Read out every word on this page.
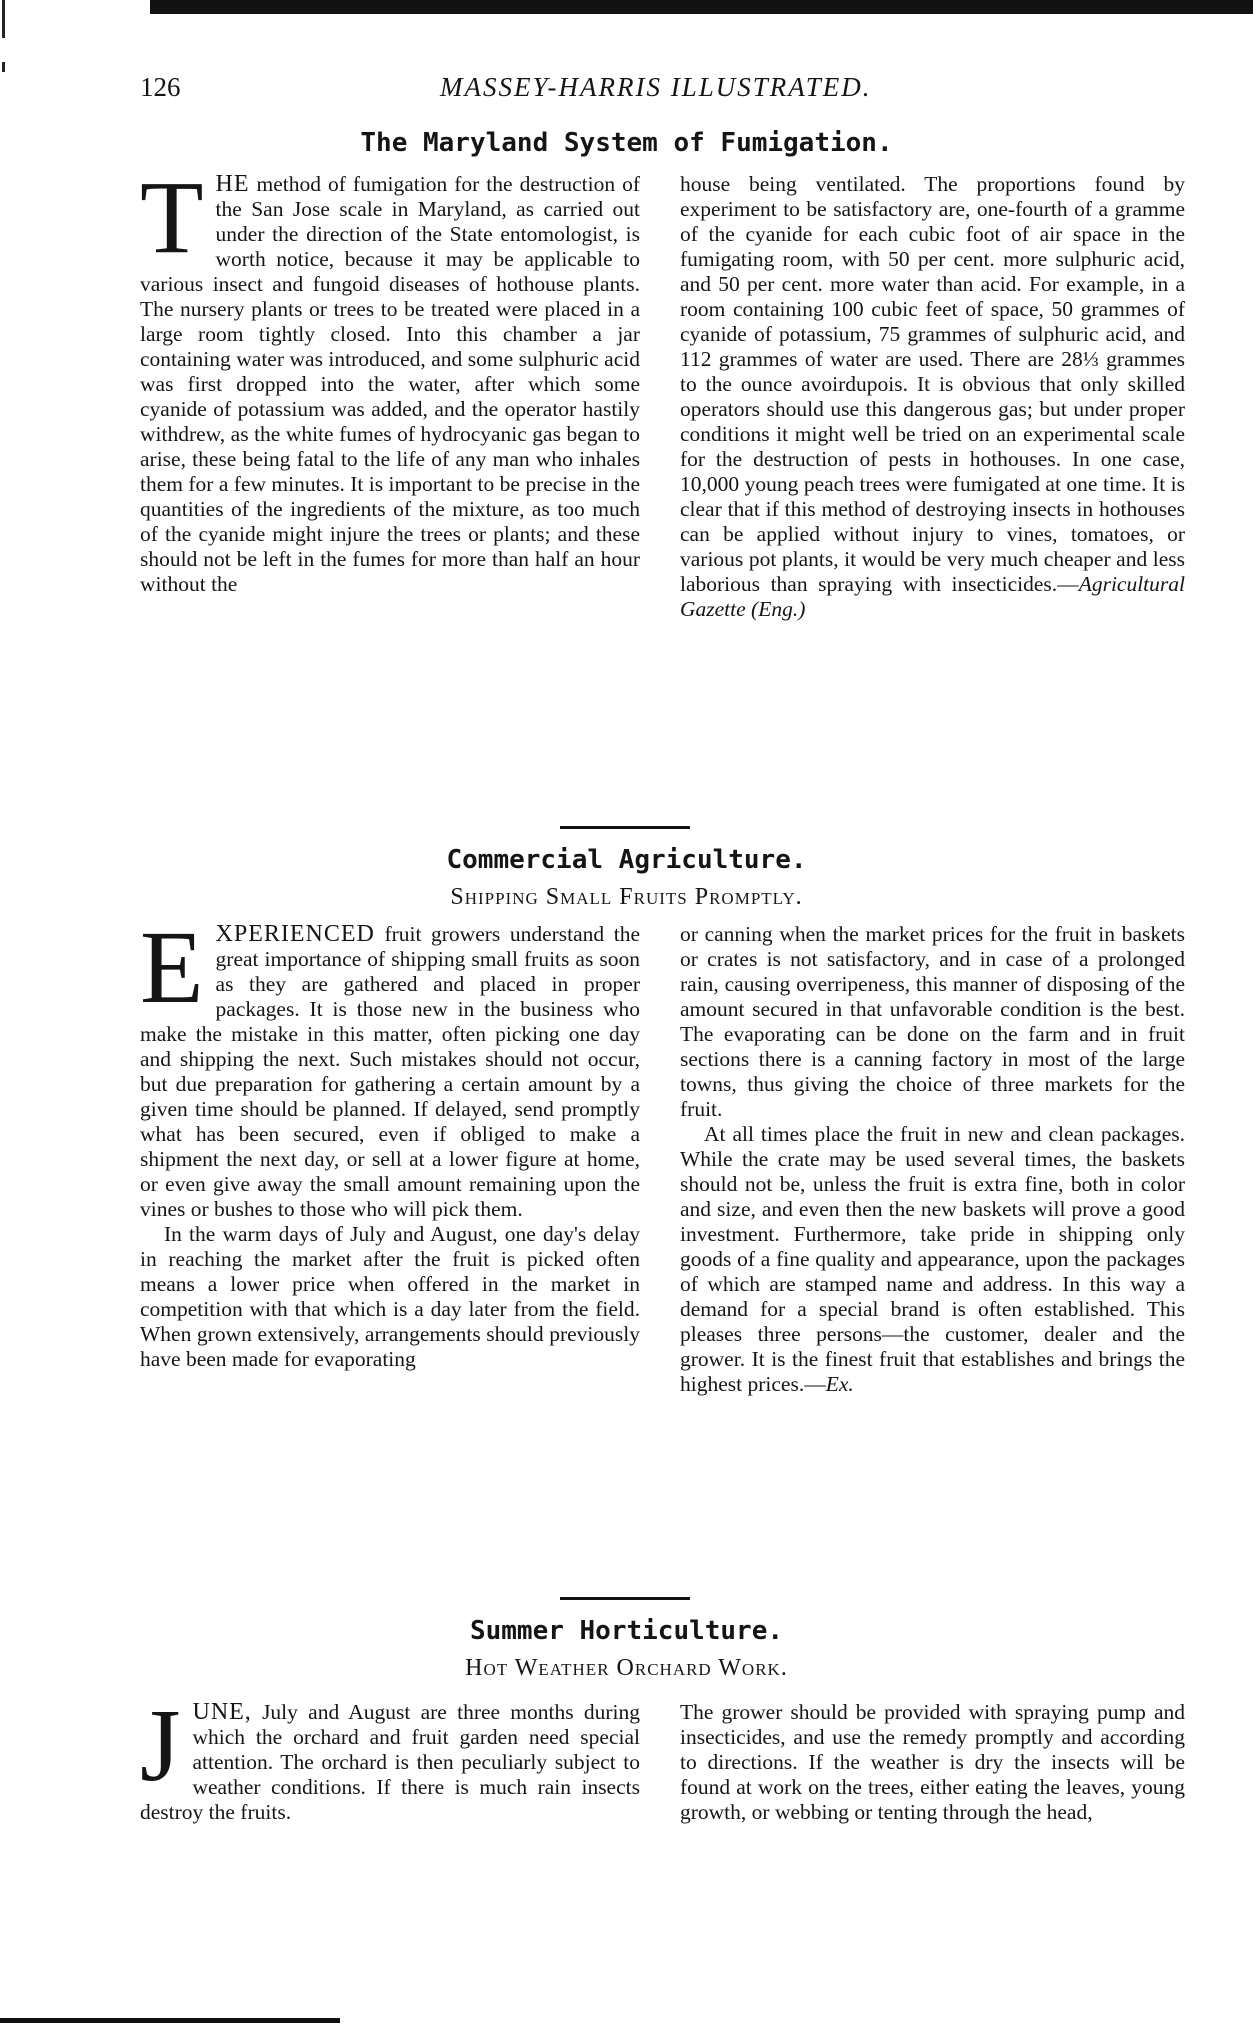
126	MASSEY-HARRIS ILLUSTRATED.
The Maryland System of Fumigation.

THE method of fumigation for the destruction of the San Jose scale in Maryland, as carried out under the direction of the State entomologist, is worth notice, because it may be applicable to various insect and fungoid diseases of hothouse plants. The nursery plants or trees to be treated were placed in a large room tightly closed. Into this chamber a jar containing water was introduced, and some sulphuric acid was first dropped into the water, after which some cyanide of potassium was added, and the operator hastily withdrew, as the white fumes of hydrocyanic gas began to arise, these being fatal to the life of any man who inhales them for a few minutes. It is important to be precise in the quantities of the ingredients of the mixture, as too much of the cyanide might injure the trees or plants; and these should not be left in the fumes for more than half an hour without the

house being ventilated. The proportions found by experiment to be satisfactory are, one-fourth of a gramme of the cyanide for each cubic foot of air space in the fumigating room, with 50 per cent. more sulphuric acid, and 50 per cent. more water than acid. For example, in a room containing 100 cubic feet of space, 50 grammes of cyanide of potassium, 75 grammes of sulphuric acid, and 112 grammes of water are used. There are 28⅓ grammes to the ounce avoirdupois. It is obvious that only skilled operators should use this dangerous gas; but under proper conditions it might well be tried on an experimental scale for the destruction of pests in hothouses. In one case, 10,000 young peach trees were fumigated at one time. It is clear that if this method of destroying insects in hothouses can be applied without injury to vines, tomatoes, or various pot plants, it would be very much cheaper and less laborious than spraying with insecticides.—Agricultural Gazette (Eng.)

Commercial Agriculture.
Shipping Small Fruits Promptly.

EXPERIENCED fruit growers understand the great importance of shipping small fruits as soon as they are gathered and placed in proper packages. It is those new in the business who make the mistake in this matter, often picking one day and shipping the next. Such mistakes should not occur, but due preparation for gathering a certain amount by a given time should be planned. If delayed, send promptly what has been secured, even if obliged to make a shipment the next day, or sell at a lower figure at home, or even give away the small amount remaining upon the vines or bushes to those who will pick them.

In the warm days of July and August, one day's delay in reaching the market after the fruit is picked often means a lower price when offered in the market in competition with that which is a day later from the field. When grown extensively, arrangements should previously have been made for evaporating

or canning when the market prices for the fruit in baskets or crates is not satisfactory, and in case of a prolonged rain, causing overripeness, this manner of disposing of the amount secured in that unfavorable condition is the best. The evaporating can be done on the farm and in fruit sections there is a canning factory in most of the large towns, thus giving the choice of three markets for the fruit.

At all times place the fruit in new and clean packages. While the crate may be used several times, the baskets should not be, unless the fruit is extra fine, both in color and size, and even then the new baskets will prove a good investment. Furthermore, take pride in shipping only goods of a fine quality and appearance, upon the packages of which are stamped name and address. In this way a demand for a special brand is often established. This pleases three persons—the customer, dealer and the grower. It is the finest fruit that establishes and brings the highest prices.—Ex.

Summer Horticulture.
Hot Weather Orchard Work.

JUNE, July and August are three months during which the orchard and fruit garden need special attention. The orchard is then peculiarly subject to weather conditions. If there is much rain insects destroy the fruits.

The grower should be provided with spraying pump and insecticides, and use the remedy promptly and according to directions. If the weather is dry the insects will be found at work on the trees, either eating the leaves, young growth, or webbing or tenting through the head,
